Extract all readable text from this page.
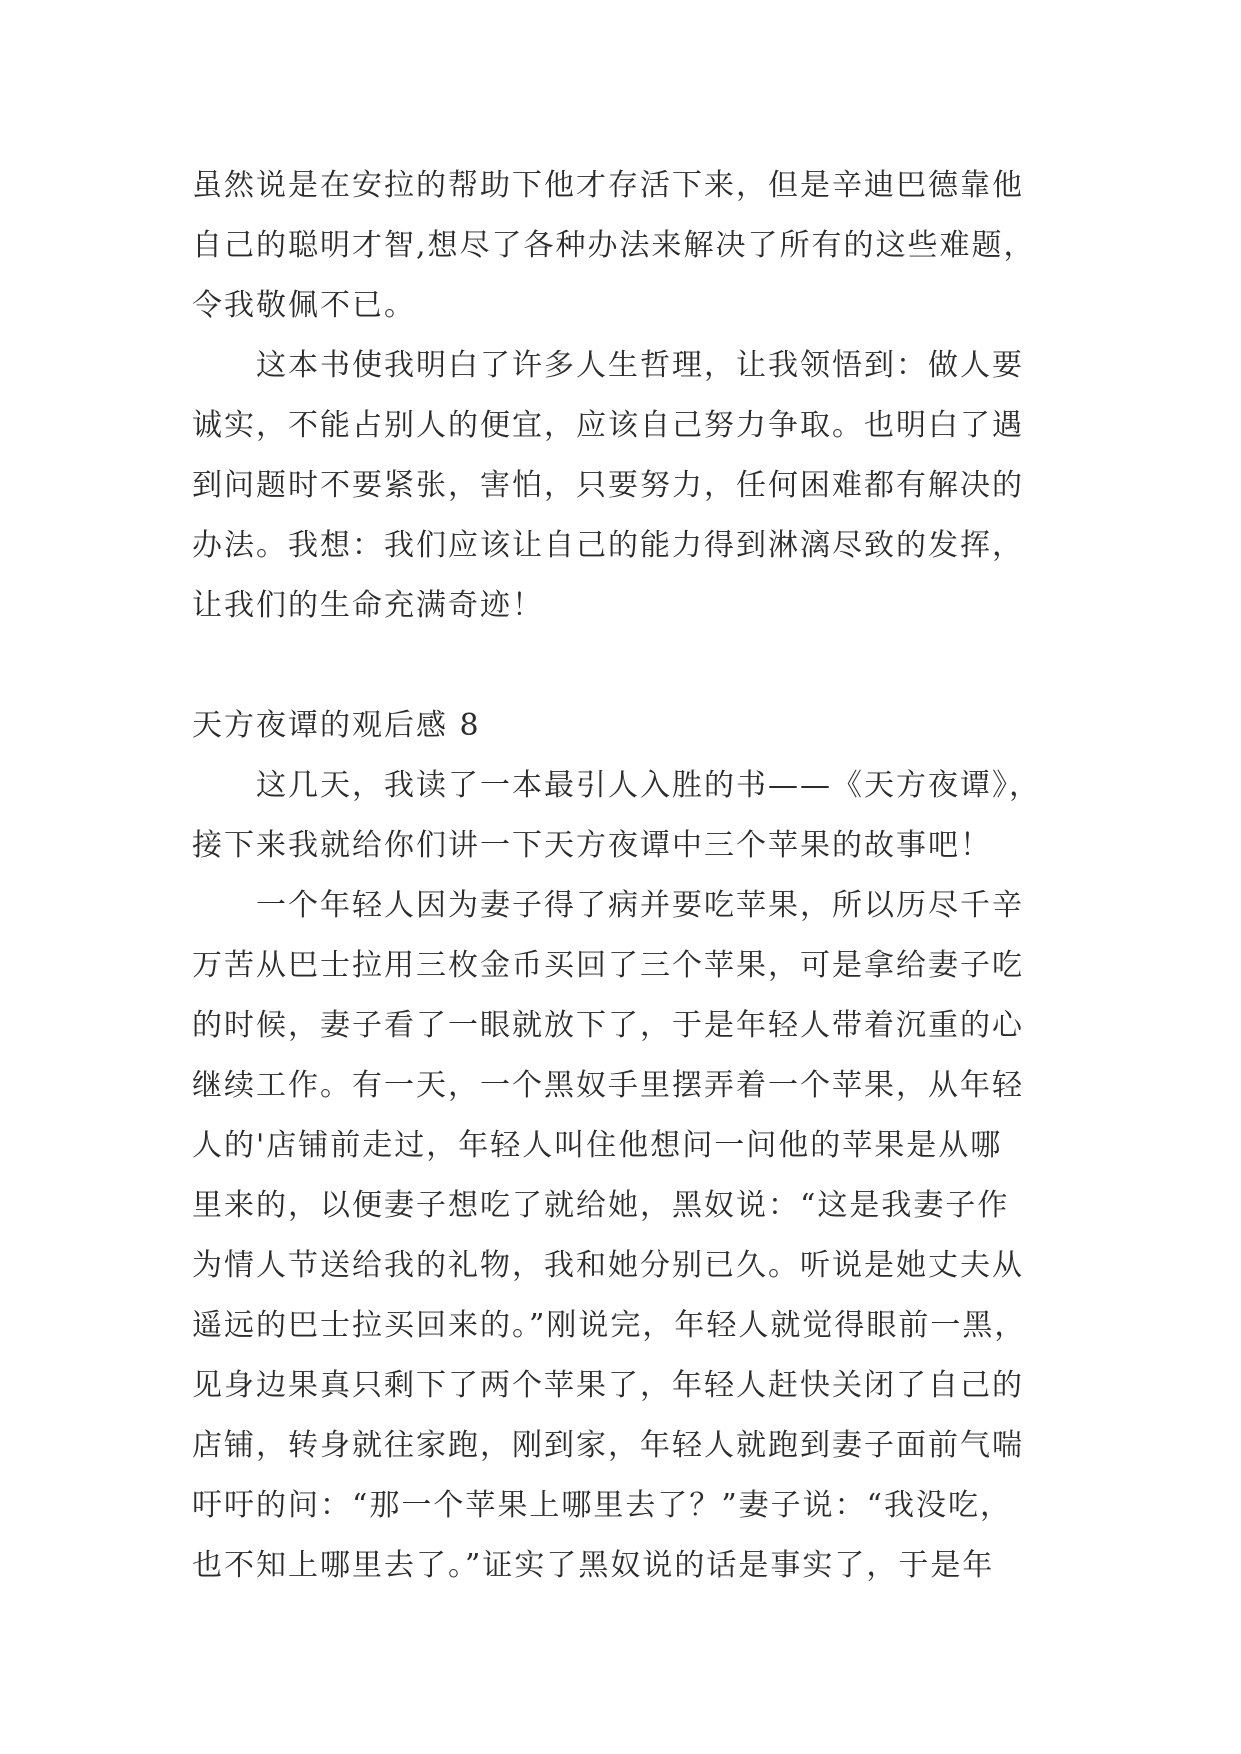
虽然说是在安拉的帮助下他才存活下来，但是辛迪巴德靠他
自己的聪明才智,想尽了各种办法来解决了所有的这些难题，
令我敬佩不已。
　　这本书使我明白了许多人生哲理，让我领悟到：做人要
诚实，不能占别人的便宜，应该自己努力争取。也明白了遇
到问题时不要紧张，害怕，只要努力，任何困难都有解决的
办法。我想：我们应该让自己的能力得到淋漓尽致的发挥，
让我们的生命充满奇迹！
天方夜谭的观后感 8
　　这几天，我读了一本最引人入胜的书——《天方夜谭》，
接下来我就给你们讲一下天方夜谭中三个苹果的故事吧！
　　一个年轻人因为妻子得了病并要吃苹果，所以历尽千辛
万苦从巴士拉用三枚金币买回了三个苹果，可是拿给妻子吃
的时候，妻子看了一眼就放下了，于是年轻人带着沉重的心
继续工作。有一天，一个黑奴手里摆弄着一个苹果，从年轻
人的'店铺前走过，年轻人叫住他想问一问他的苹果是从哪
里来的，以便妻子想吃了就给她，黑奴说：“这是我妻子作
为情人节送给我的礼物，我和她分别已久。听说是她丈夫从
遥远的巴士拉买回来的。”刚说完，年轻人就觉得眼前一黑，
见身边果真只剩下了两个苹果了，年轻人赶快关闭了自己的
店铺，转身就往家跑，刚到家，年轻人就跑到妻子面前气喘
吁吁的问：“那一个苹果上哪里去了？”妻子说：“我没吃，
也不知上哪里去了。”证实了黑奴说的话是事实了，于是年
